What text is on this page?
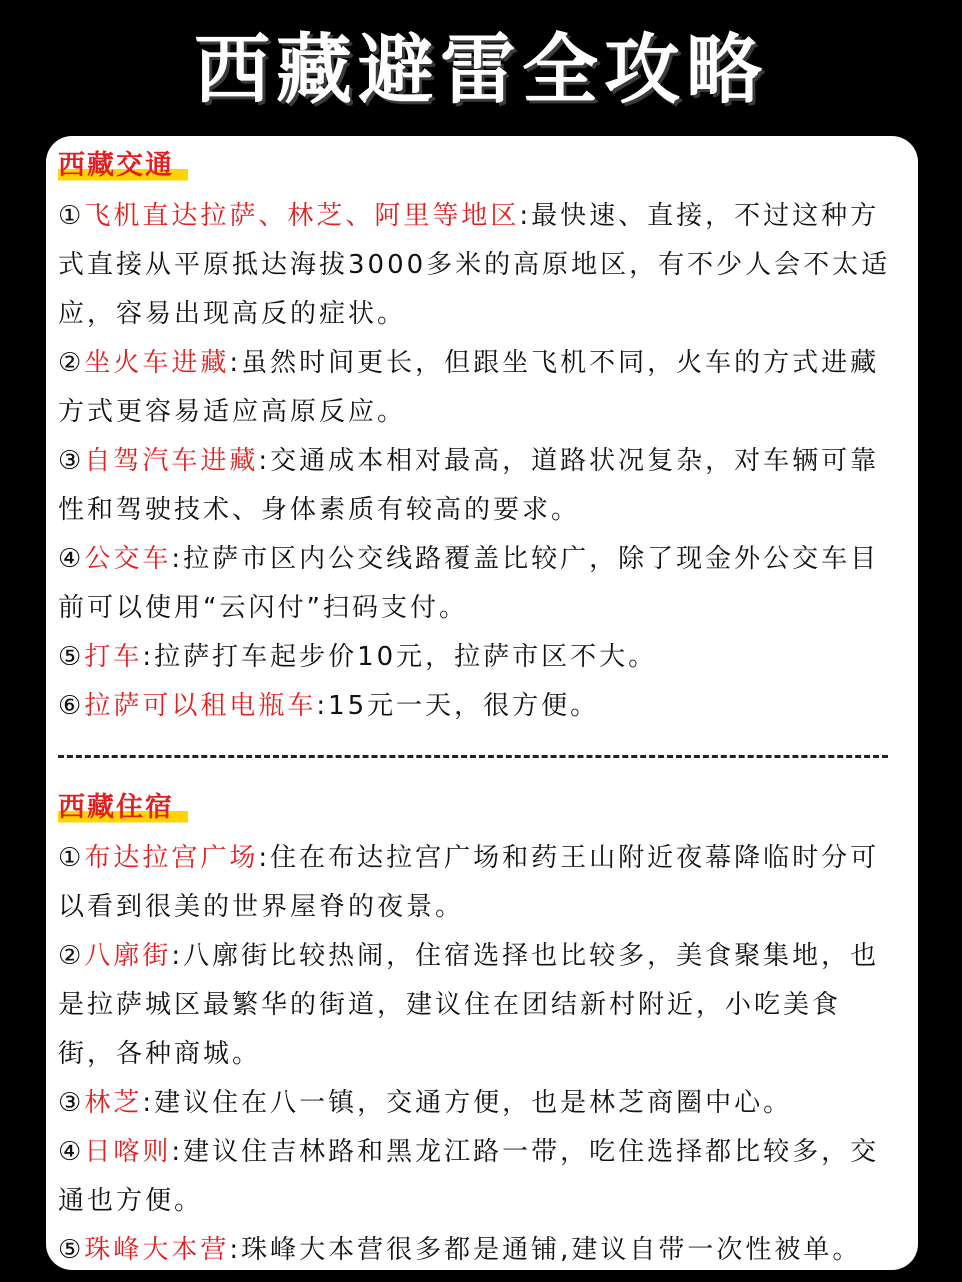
西藏避雷全攻略
西藏交通

①飞机直达拉萨、林芝、阿里等地区:最快速、直接，不过这种方式直接从平原抵达海拔3000多米的高原地区，有不少人会不太适应，容易出现高反的症状。

②坐火车进藏:虽然时间更长，但跟坐飞机不同，火车的方式进藏方式更容易适应高原反应。

③自驾汽车进藏:交通成本相对最高，道路状况复杂，对车辆可靠性和驾驶技术、身体素质有较高的要求。

④公交车:拉萨市区内公交线路覆盖比较广，除了现金外公交车目前可以使用“云闪付”扫码支付。

⑤打车:拉萨打车起步价10元，拉萨市区不大。

⑥拉萨可以租电瓶车:15元一天，很方便。

西藏住宿

①布达拉宫广场:住在布达拉宫广场和药王山附近夜幕降临时分可以看到很美的世界屋脊的夜景。

②八廓街:八廓街比较热闹，住宿选择也比较多，美食聚集地，也是拉萨城区最繁华的街道，建议住在团结新村附近，小吃美食街，各种商城。

③林芝:建议住在八一镇，交通方便，也是林芝商圈中心。

④日喀则:建议住吉林路和黑龙江路一带，吃住选择都比较多，交通也方便。

⑤珠峰大本营:珠峰大本营很多都是通铺,建议自带一次性被单。
